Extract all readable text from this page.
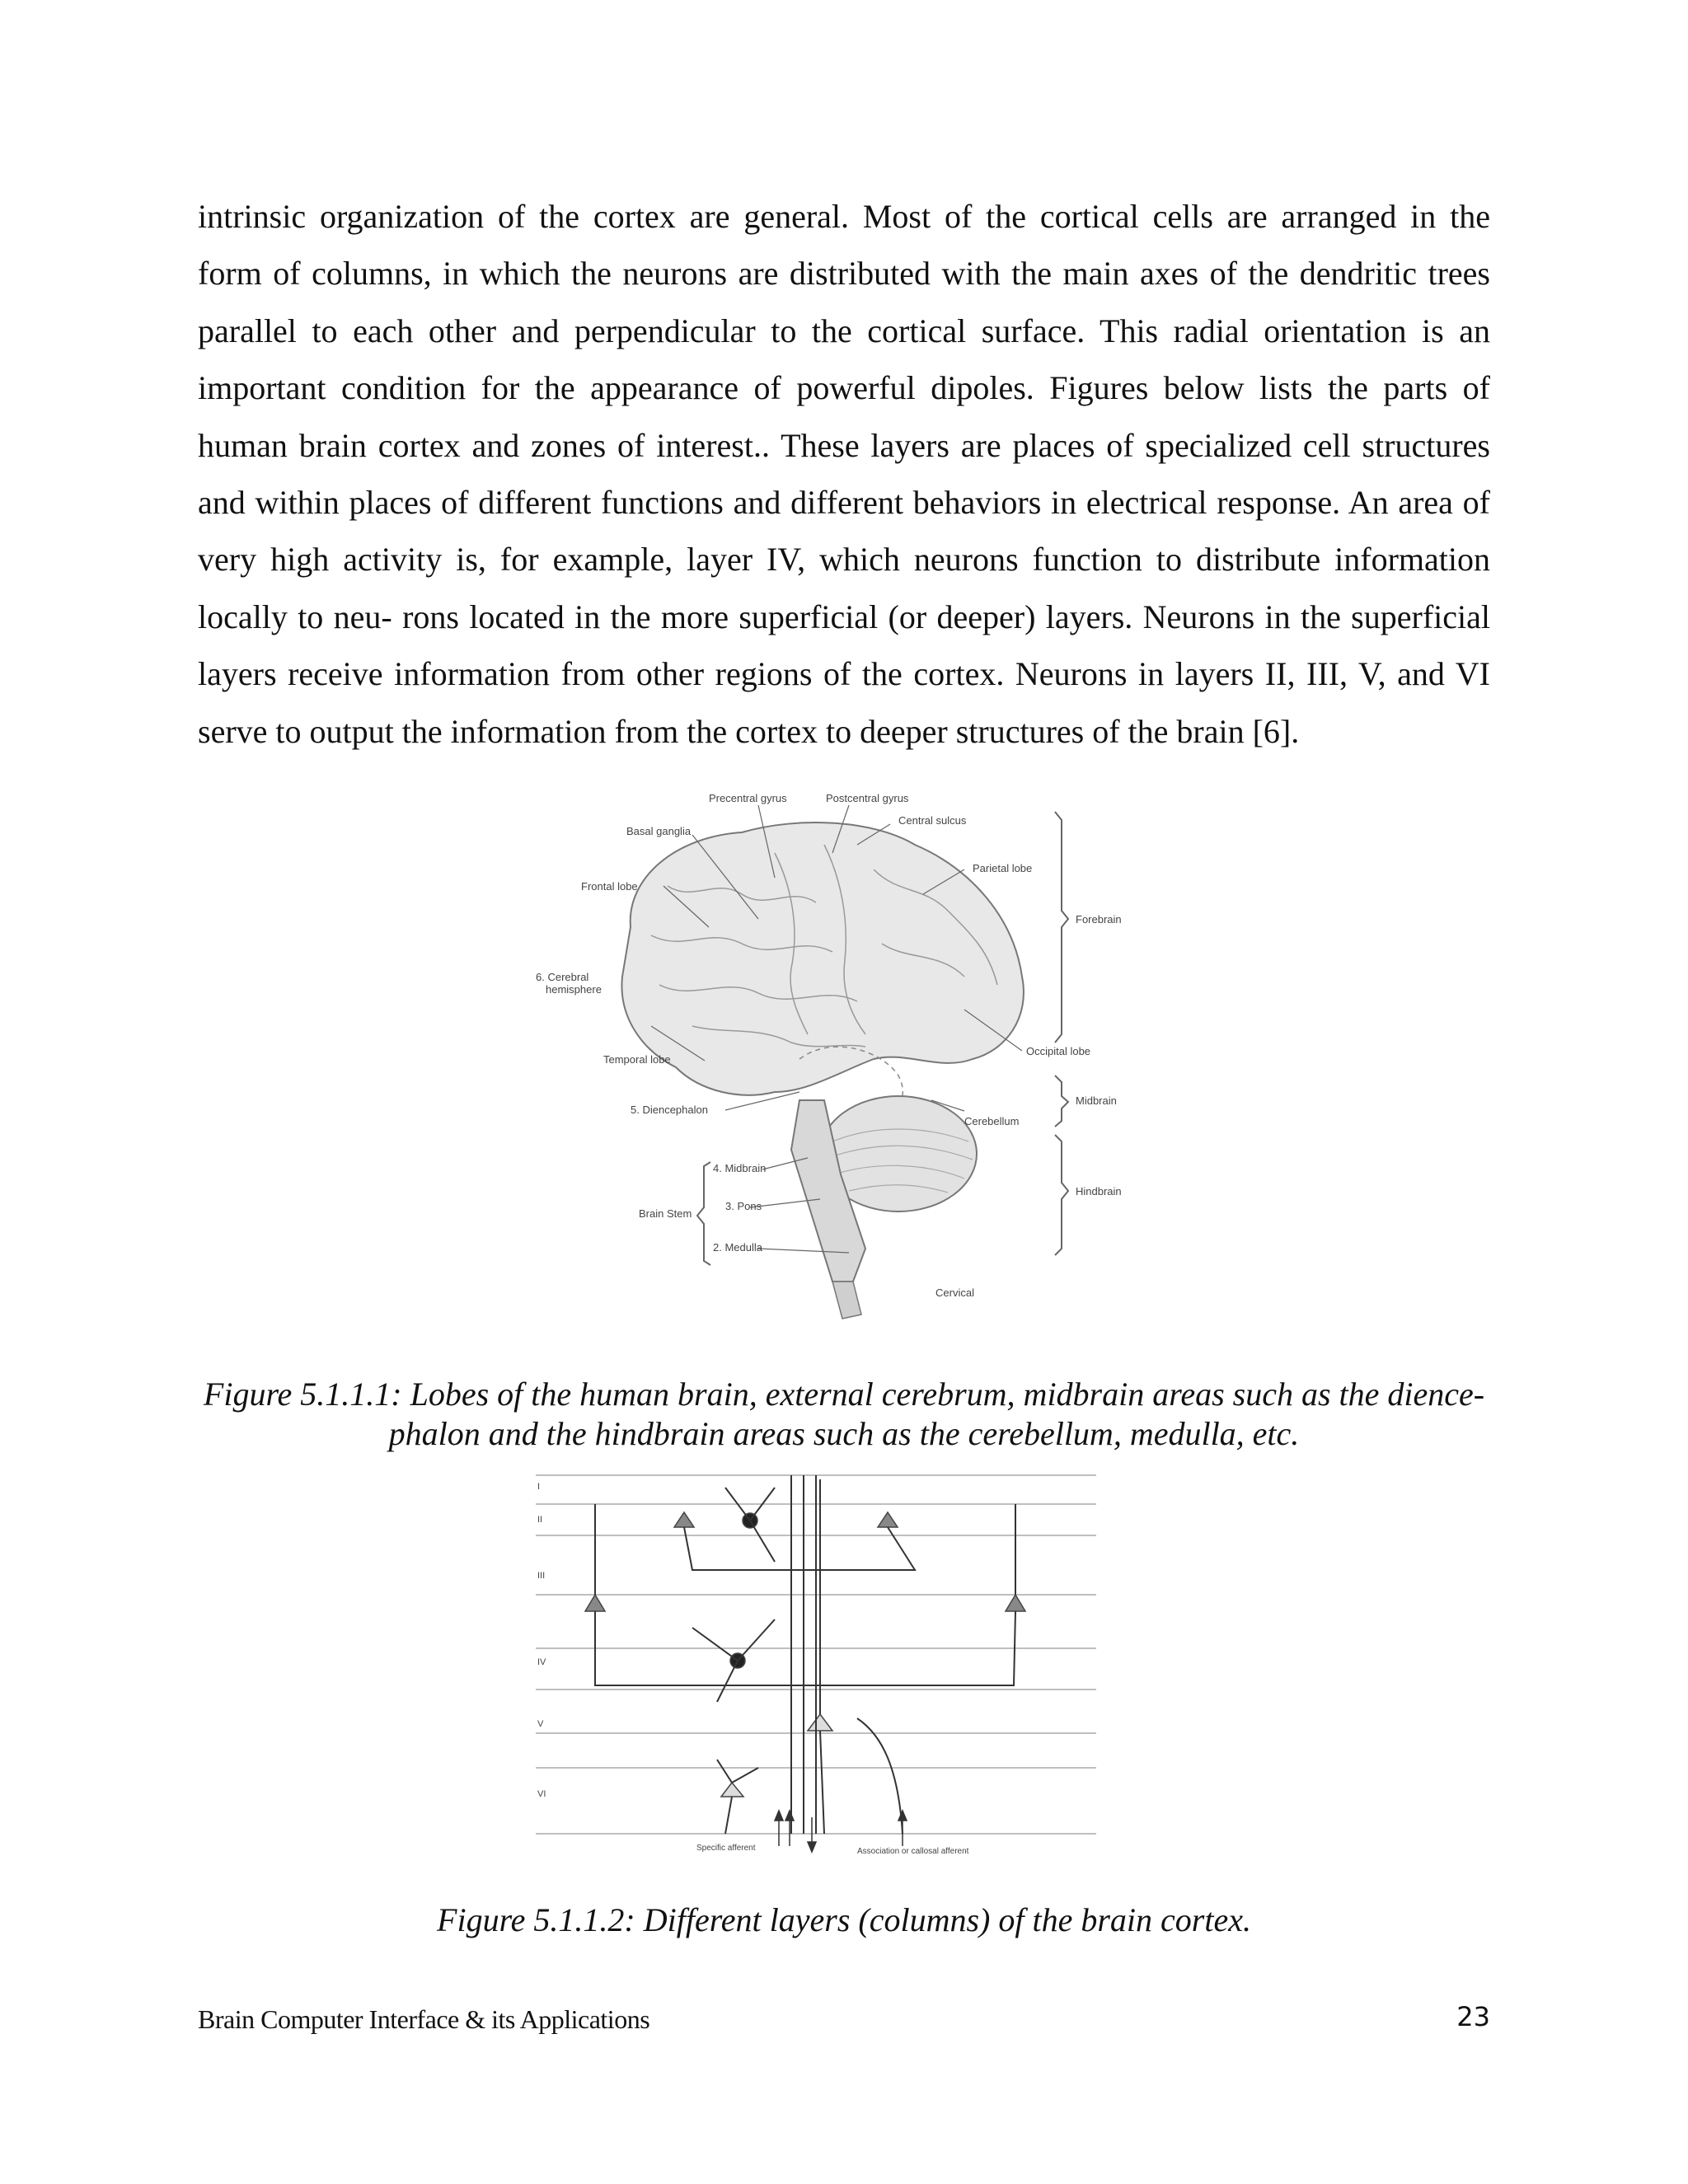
intrinsic organization of the cortex are general. Most of the cortical cells are arranged in the
form of columns, in which the neurons are distributed with the main axes of the dendritic trees
parallel to each other and perpendicular to the cortical surface. This radial orientation is an
important condition for the appearance of powerful dipoles. Figures below lists the parts of
human brain cortex and zones of interest.. These layers are places of specialized cell structures
and within places of different functions and different behaviors in electrical response. An area of
very high activity is, for example, layer IV, which neurons function to distribute information
locally to neu- rons located in the more superficial (or deeper) layers. Neurons in the superficial
layers receive information from other regions of the cortex. Neurons in layers II, III, V, and VI
serve to output the information from the cortex to deeper structures of the brain [6].

Precentral gyrus	Postcentral gyrus
Basal ganglia
Central sulcus
Parietal lobe
Frontal lobe
Forebrain
6. Cerebral
hemisphere
Temporal lobe
Occipital lobe
5. Diencephalon
Midbrain
Cerebellum
4. Midbrain
3. Pons
Brain Stem
Hindbrain
2. Medulla
Cervical

Figure 5.1.1.1: Lobes of the human brain, external cerebrum, midbrain areas such as the dience-
phalon and the hindbrain areas such as the cerebellum, medulla, etc.

I
II
III
IV
V
VI
Specific afferent	Association or callosal afferent

Figure 5.1.1.2: Different layers (columns) of the brain cortex.

Brain Computer Interface & its Applications	23
